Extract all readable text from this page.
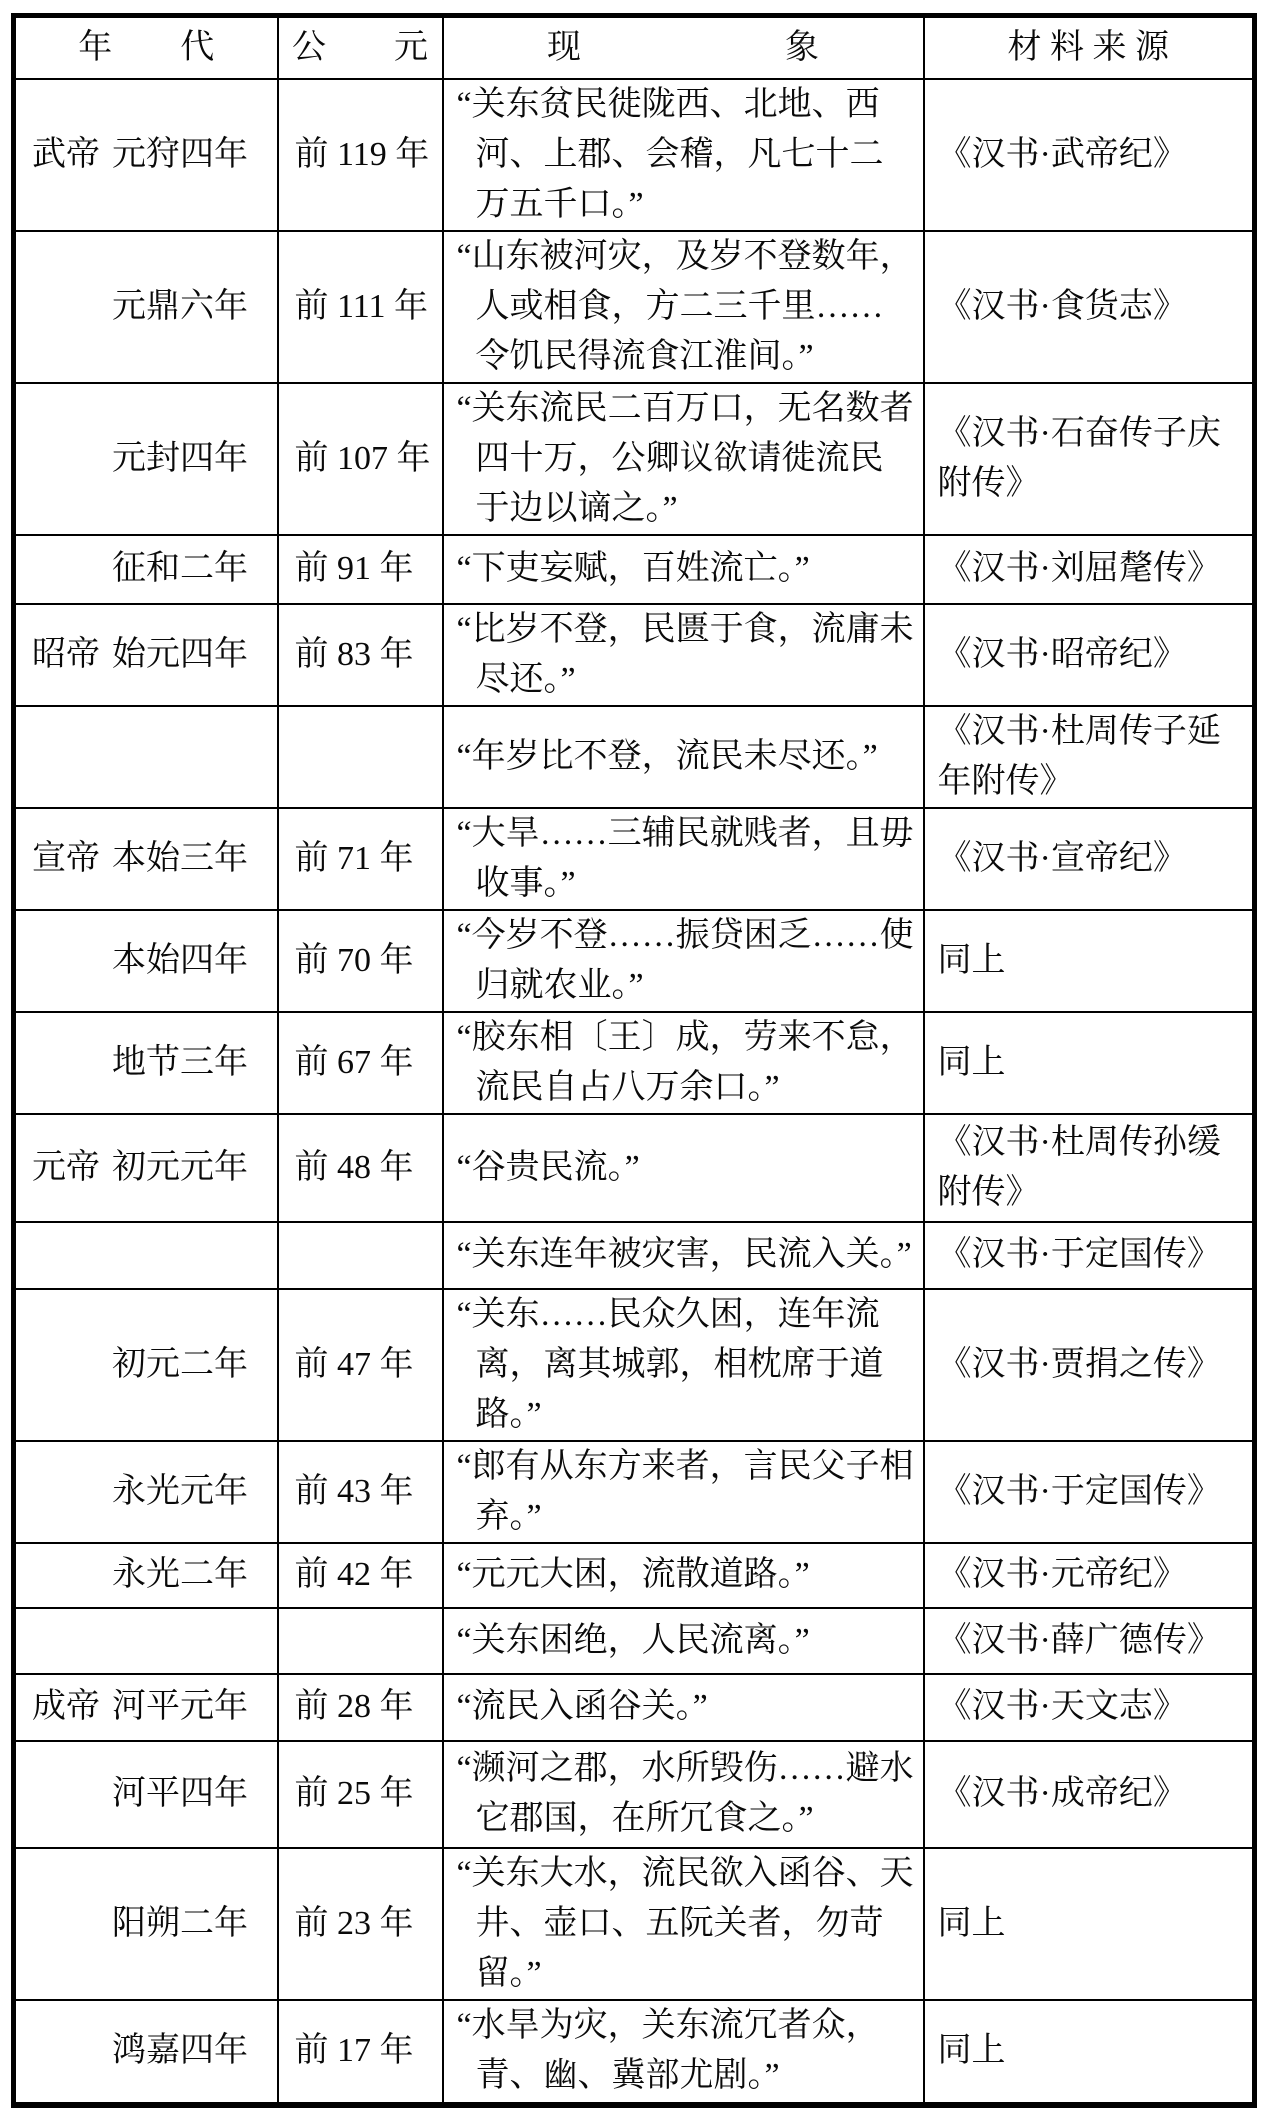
年　　代	公　　元	现　　　　　　象	材 料 来 源
武帝 元狩四年	前 119 年	“关东贫民徙陇西、北地、西河、上郡、会稽，凡七十二万五千口。”	《汉书·武帝纪》
元鼎六年	前 111 年	“山东被河灾，及岁不登数年，人或相食，方二三千里……令饥民得流食江淮间。”	《汉书·食货志》
元封四年	前 107 年	“关东流民二百万口，无名数者四十万，公卿议欲请徙流民于边以谪之。”	《汉书·石奋传子庆附传》
征和二年	前 91 年	“下吏妄赋，百姓流亡。”	《汉书·刘屈氂传》
昭帝 始元四年	前 83 年	“比岁不登，民匮于食，流庸未尽还。”	《汉书·昭帝纪》
		“年岁比不登，流民未尽还。”	《汉书·杜周传子延年附传》
宣帝 本始三年	前 71 年	“大旱……三辅民就贱者，且毋收事。”	《汉书·宣帝纪》
本始四年	前 70 年	“今岁不登……振贷困乏……使归就农业。”	同上
地节三年	前 67 年	“胶东相〔王〕成，劳来不怠，流民自占八万余口。”	同上
元帝 初元元年	前 48 年	“谷贵民流。”	《汉书·杜周传孙缓附传》
		“关东连年被灾害，民流入关。”	《汉书·于定国传》
初元二年	前 47 年	“关东……民众久困，连年流离，离其城郭，相枕席于道路。”	《汉书·贾捐之传》
永光元年	前 43 年	“郎有从东方来者，言民父子相弃。”	《汉书·于定国传》
永光二年	前 42 年	“元元大困，流散道路。”	《汉书·元帝纪》
		“关东困绝，人民流离。”	《汉书·薛广德传》
成帝 河平元年	前 28 年	“流民入函谷关。”	《汉书·天文志》
河平四年	前 25 年	“濒河之郡，水所毁伤……避水它郡国，在所冗食之。”	《汉书·成帝纪》
阳朔二年	前 23 年	“关东大水，流民欲入函谷、天井、壶口、五阮关者，勿苛留。”	同上
鸿嘉四年	前 17 年	“水旱为灾，关东流冗者众，青、幽、冀部尤剧。”	同上
